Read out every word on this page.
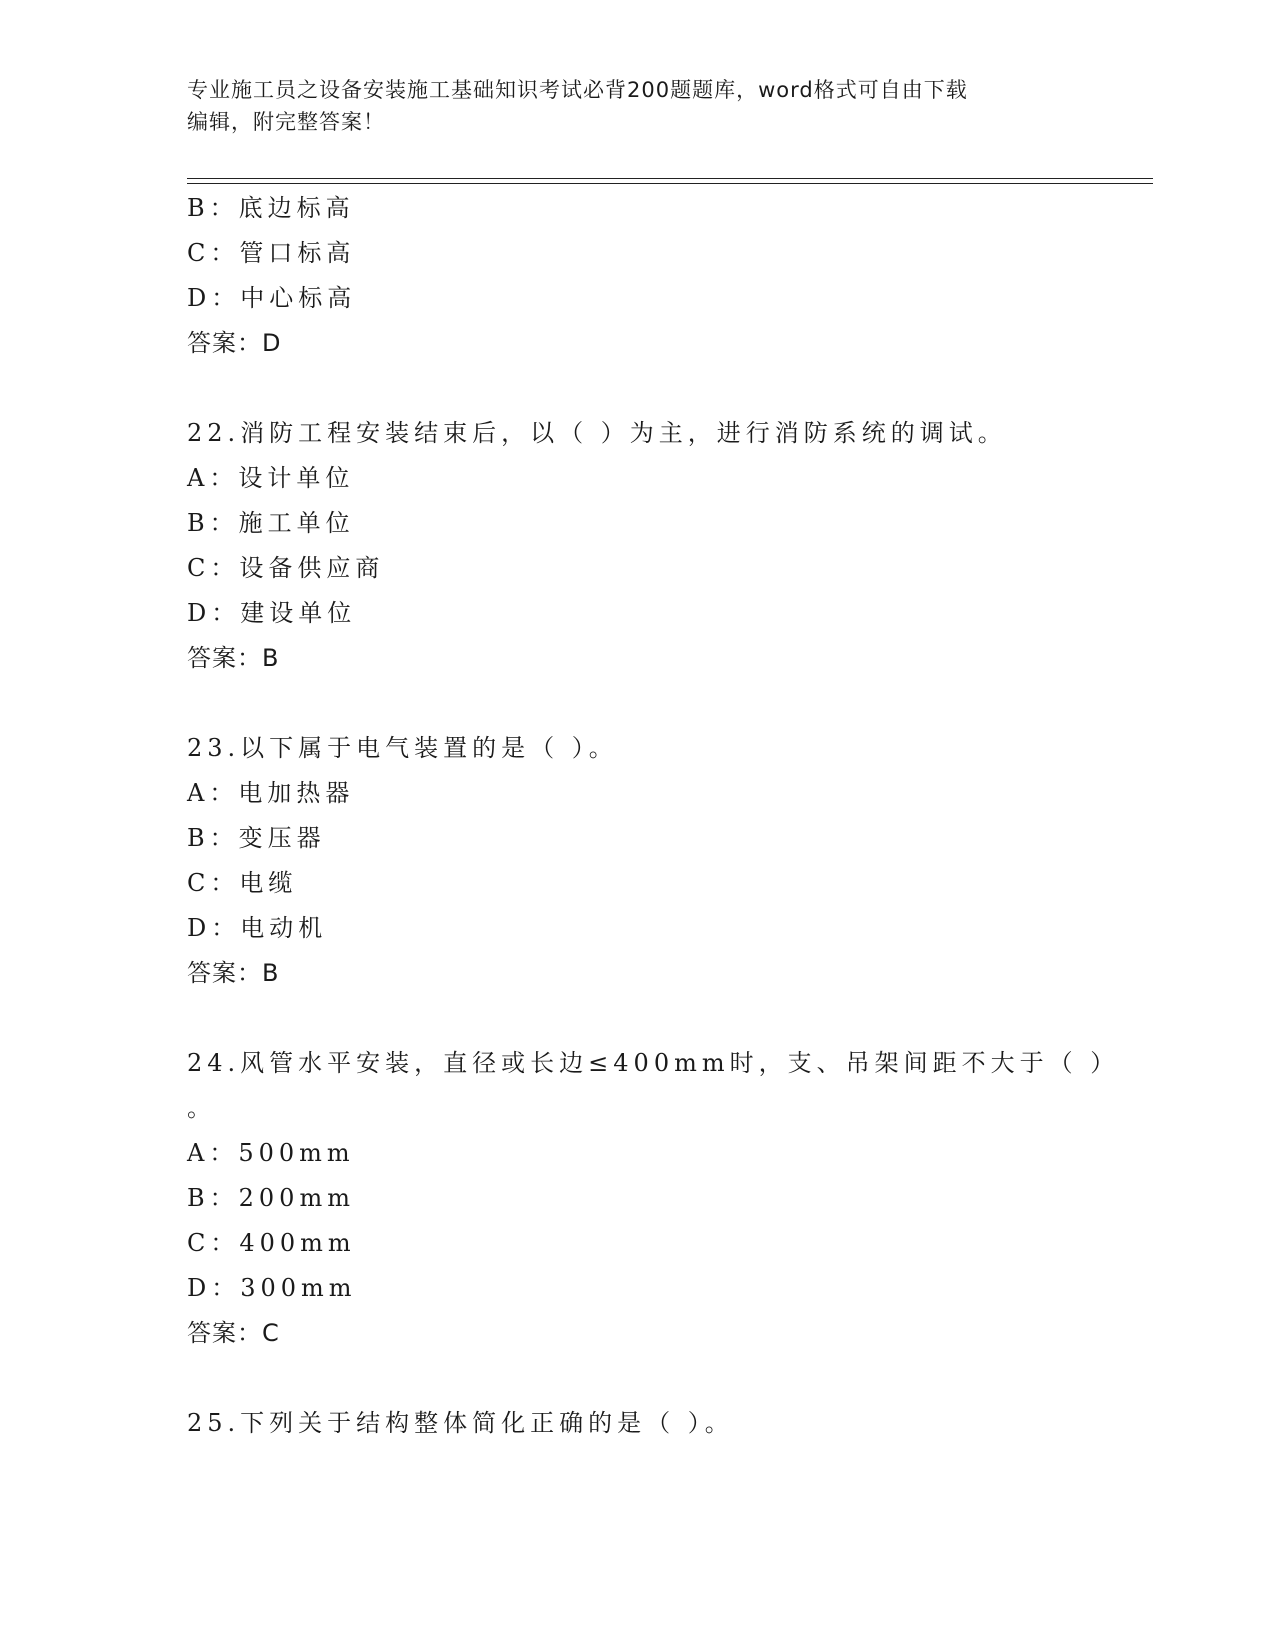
专业施工员之设备安装施工基础知识考试必背200题题库，word格式可自由下载
编辑，附完整答案！
B：底边标高
C：管口标高
D：中心标高
答案：D
22.消防工程安装结束后，以（ ）为主，进行消防系统的调试。
A：设计单位
B：施工单位
C：设备供应商
D：建设单位
答案：B
23.以下属于电气装置的是（ ）。
A：电加热器
B：变压器
C：电缆
D：电动机
答案：B
24.风管水平安装，直径或长边≤400mm时，支、吊架间距不大于（ ）
。
A：500mm
B：200mm
C：400mm
D：300mm
答案：C
25.下列关于结构整体简化正确的是（ ）。
